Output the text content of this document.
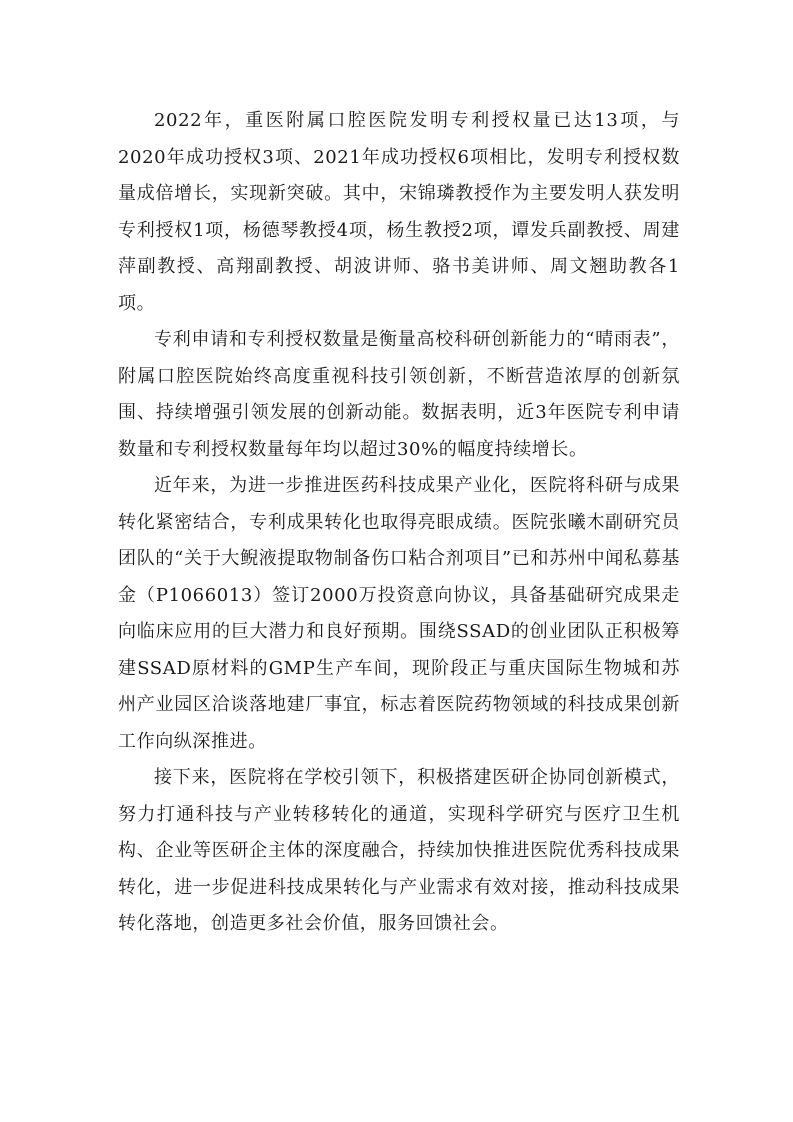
2022年，重医附属口腔医院发明专利授权量已达13项，与2020年成功授权3项、2021年成功授权6项相比，发明专利授权数量成倍增长，实现新突破。其中，宋锦璘教授作为主要发明人获发明专利授权1项，杨德琴教授4项，杨生教授2项，谭发兵副教授、周建萍副教授、高翔副教授、胡波讲师、骆书美讲师、周文翘助教各1项。

专利申请和专利授权数量是衡量高校科研创新能力的“晴雨表”，附属口腔医院始终高度重视科技引领创新，不断营造浓厚的创新氛围、持续增强引领发展的创新动能。数据表明，近3年医院专利申请数量和专利授权数量每年均以超过30%的幅度持续增长。

近年来，为进一步推进医药科技成果产业化，医院将科研与成果转化紧密结合，专利成果转化也取得亮眼成绩。医院张曦木副研究员团队的“关于大鲵液提取物制备伤口粘合剂项目”已和苏州中闻私募基金（P1066013）签订2000万投资意向协议，具备基础研究成果走向临床应用的巨大潜力和良好预期。围绕SSAD的创业团队正积极筹建SSAD原材料的GMP生产车间，现阶段正与重庆国际生物城和苏州产业园区洽谈落地建厂事宜，标志着医院药物领域的科技成果创新工作向纵深推进。

接下来，医院将在学校引领下，积极搭建医研企协同创新模式，努力打通科技与产业转移转化的通道，实现科学研究与医疗卫生机构、企业等医研企主体的深度融合，持续加快推进医院优秀科技成果转化，进一步促进科技成果转化与产业需求有效对接，推动科技成果转化落地，创造更多社会价值，服务回馈社会。
